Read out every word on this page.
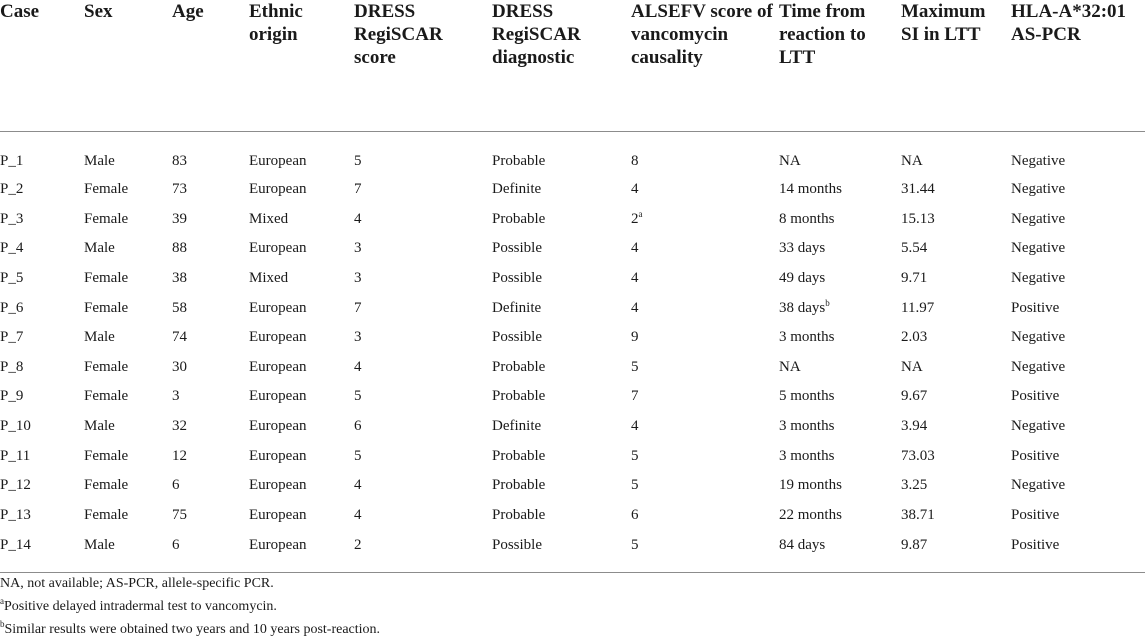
Case	Sex	Age	Ethnic origin	DRESS RegiSCAR score	DRESS RegiSCAR diagnostic	ALSEFV score of vancomycin causality	Time from reaction to LTT	Maximum SI in LTT	HLA-A*32:01 AS-PCR
P_1	Male	83	European	5	Probable	8	NA	NA	Negative
P_2	Female	73	European	7	Definite	4	14 months	31.44	Negative
P_3	Female	39	Mixed	4	Probable	2$^a$	8 months	15.13	Negative
P_4	Male	88	European	3	Possible	4	33 days	5.54	Negative
P_5	Female	38	Mixed	3	Possible	4	49 days	9.71	Negative
P_6	Female	58	European	7	Definite	4	38 days$^b$	11.97	Positive
P_7	Male	74	European	3	Possible	9	3 months	2.03	Negative
P_8	Female	30	European	4	Probable	5	NA	NA	Negative
P_9	Female	3	European	5	Probable	7	5 months	9.67	Positive
P_10	Male	32	European	6	Definite	4	3 months	3.94	Negative
P_11	Female	12	European	5	Probable	5	3 months	73.03	Positive
P_12	Female	6	European	4	Probable	5	19 months	3.25	Negative
P_13	Female	75	European	4	Probable	6	22 months	38.71	Positive
P_14	Male	6	European	2	Possible	5	84 days	9.87	Positive
NA, not available; AS-PCR, allele-specific PCR.
$^a$Positive delayed intradermal test to vancomycin.
$^b$Similar results were obtained two years and 10 years post-reaction.
